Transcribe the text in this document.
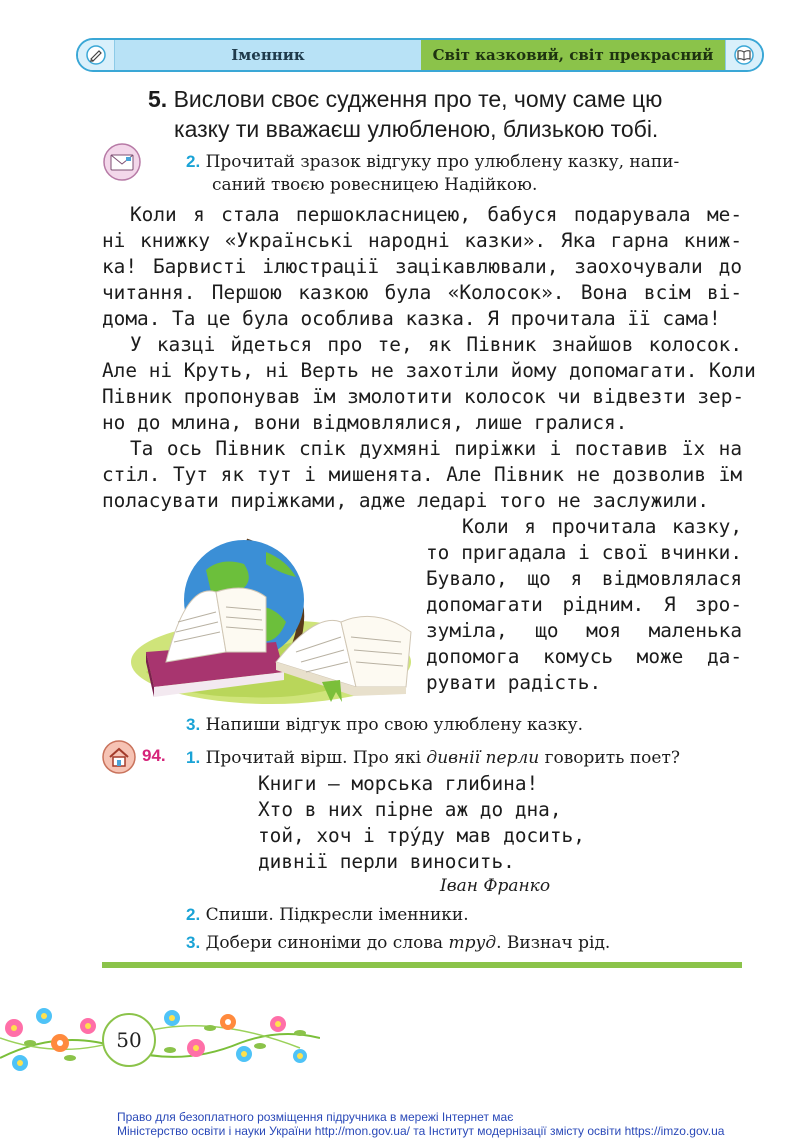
Іменник	Світ казковий, світ прекрасний
5. Вислови своє судження про те, чому саме цю
казку ти вважаєш улюбленою, близькою тобі.
2. Прочитай зразок відгуку про улюблену казку, напи-
саний твоєю ровесницею Надійкою.
Коли я стала першокласницею, бабуся подарувала ме-
ні книжку «Українські народні казки». Яка гарна книж-
ка! Барвисті ілюстрації зацікавлювали, заохочували до
читання. Першою казкою була «Колосок». Вона всім ві-
дома. Та це була особлива казка. Я прочитала її сама!
У казці йдеться про те, як Півник знайшов колосок.
Але ні Круть, ні Верть не захотіли йому допомагати. Коли
Півник пропонував їм змолотити колосок чи відвезти зер-
но до млина, вони відмовлялися, лише гралися.
Та ось Півник спік духмяні пиріжки і поставив їх на
стіл. Тут як тут і мишенята. Але Півник не дозволив їм
поласувати пиріжками, адже ледарі того не заслужили.
Коли я прочитала казку,
то пригадала і свої вчинки.
Бувало, що я відмовлялася
допомагати рідним. Я зро-
зуміла, що моя маленька
допомога комусь може да-
рувати радість.
3. Напиши відгук про свою улюблену казку.
94. 1. Прочитай вірш. Про які дивнії перли говорить поет?
Книги — морська глибина!
Хто в них пірне аж до дна,
той, хоч і тру́ду мав досить,
дивнії перли виносить.
Іван Франко
2. Спиши. Підкресли іменники.
3. Добери синоніми до слова труд. Визнач рід.
50
Право для безоплатного розміщення підручника в мережі Інтернет має
Міністерство освіти і науки України http://mon.gov.ua/ та Інститут модернізації змісту освіти https://imzo.gov.ua
